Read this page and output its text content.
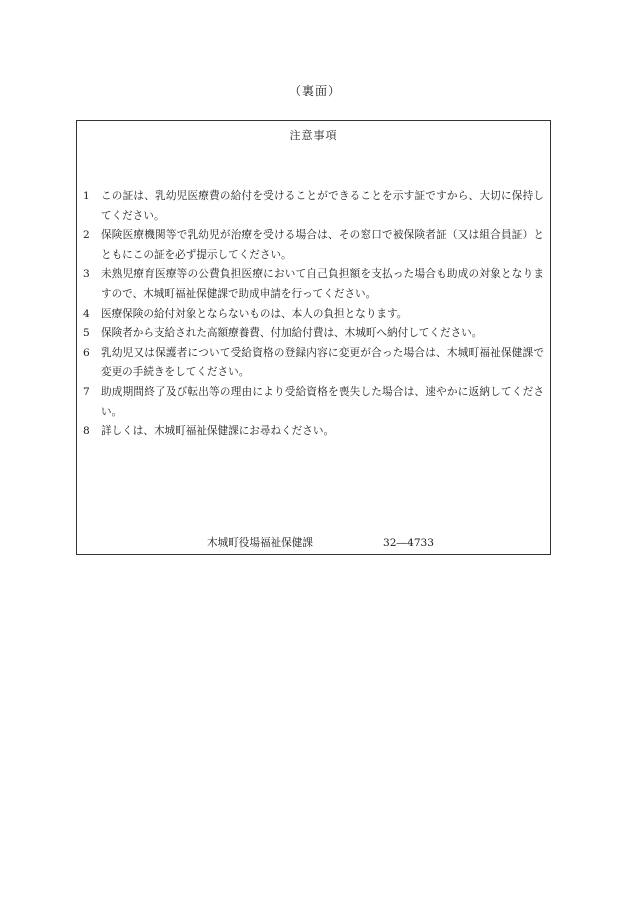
（裏面）
注意事項
1	この証は、乳幼児医療費の給付を受けることができることを示す証ですから、大切に保持してください。
2	保険医療機関等で乳幼児が治療を受ける場合は、その窓口で被保険者証（又は組合員証）とともにこの証を必ず提示してください。
3	未熟児療育医療等の公費負担医療において自己負担額を支払った場合も助成の対象となりますので、木城町福祉保健課で助成申請を行ってください。
4	医療保険の給付対象とならないものは、本人の負担となります。
5	保険者から支給された高額療養費、付加給付費は、木城町へ納付してください。
6	乳幼児又は保護者について受給資格の登録内容に変更が合った場合は、木城町福祉保健課で変更の手続きをしてください。
7	助成期間終了及び転出等の理由により受給資格を喪失した場合は、速やかに返納してください。
8	詳しくは、木城町福祉保健課にお尋ねください。
木城町役場福祉保健課	32―4733
